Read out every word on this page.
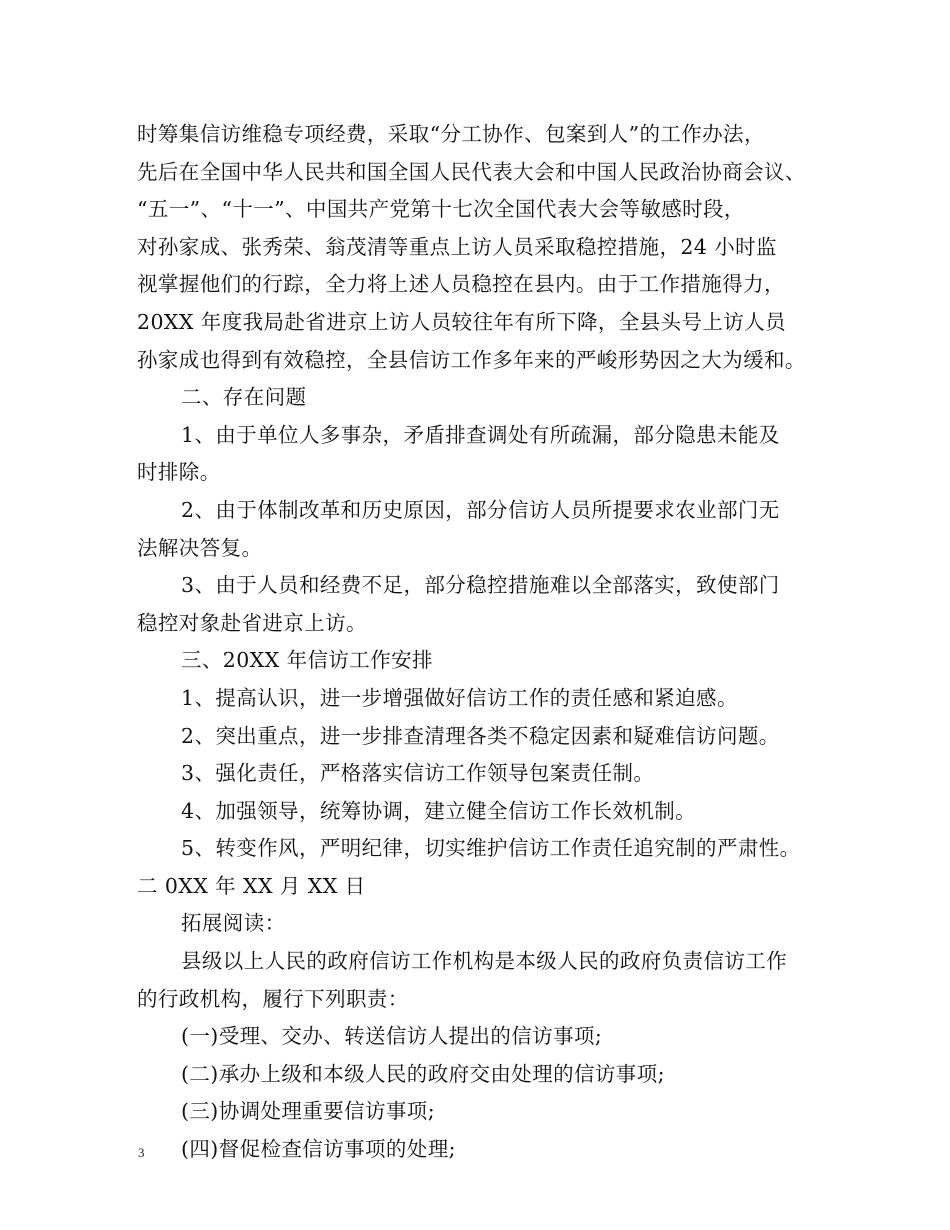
时筹集信访维稳专项经费，采取“分工协作、包案到人”的工作办法，
先后在全国中华人民共和国全国人民代表大会和中国人民政治协商会议、
“五一”、“十一”、中国共产党第十七次全国代表大会等敏感时段，
对孙家成、张秀荣、翁茂清等重点上访人员采取稳控措施，24 小时监
视掌握他们的行踪，全力将上述人员稳控在县内。由于工作措施得力，
20XX 年度我局赴省进京上访人员较往年有所下降，全县头号上访人员
孙家成也得到有效稳控，全县信访工作多年来的严峻形势因之大为缓和。
二、存在问题
1、由于单位人多事杂，矛盾排查调处有所疏漏，部分隐患未能及
时排除。
2、由于体制改革和历史原因，部分信访人员所提要求农业部门无
法解决答复。
3、由于人员和经费不足，部分稳控措施难以全部落实，致使部门
稳控对象赴省进京上访。
三、20XX 年信访工作安排
1、提高认识，进一步增强做好信访工作的责任感和紧迫感。
2、突出重点，进一步排查清理各类不稳定因素和疑难信访问题。
3、强化责任，严格落实信访工作领导包案责任制。
4、加强领导，统筹协调，建立健全信访工作长效机制。
5、转变作风，严明纪律，切实维护信访工作责任追究制的严肃性。
二 0XX 年 XX 月 XX 日
拓展阅读：
县级以上人民的政府信访工作机构是本级人民的政府负责信访工作
的行政机构，履行下列职责：
(一)受理、交办、转送信访人提出的信访事项;
(二)承办上级和本级人民的政府交由处理的信访事项;
(三)协调处理重要信访事项;
(四)督促检查信访事项的处理;
3
